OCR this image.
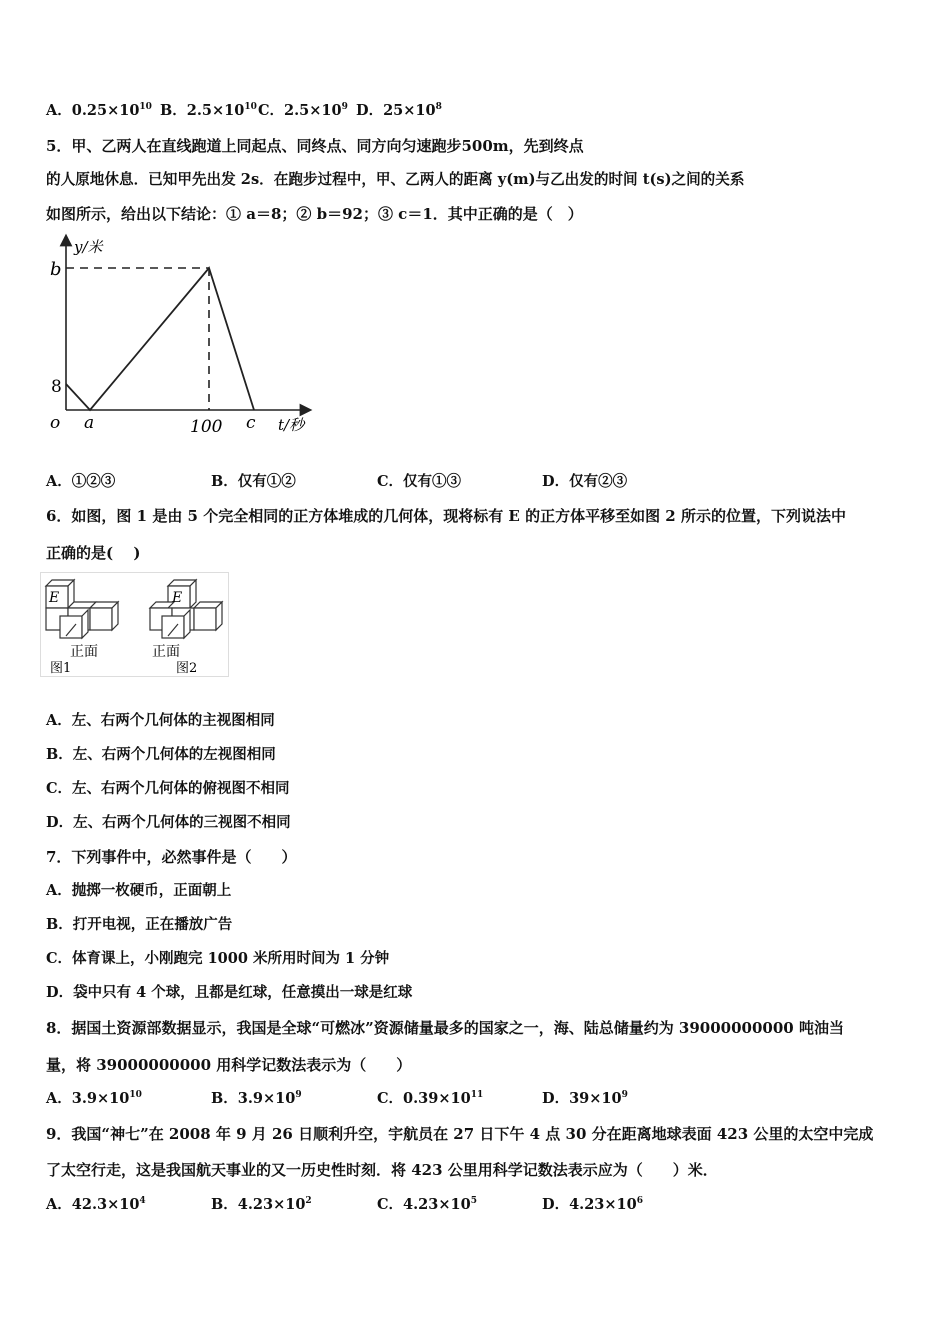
A．$0.25\times 10^{10}$ B．$2.5\times 10^{10}$ C．$2.5\times 10^9$ D．$25\times 10^8$
5．甲、乙两人在直线跑道上同起点、同终点、同方向匀速跑步500m，先到终点
的人原地休息．已知甲先出发 2s．在跑步过程中，甲、乙两人的距离 y(m)与乙出发的时间 t(s)之间的关系
如图所示，给出以下结论：① a＝8；② b＝92；③ c＝1．其中正确的是（　）
y/米
b
8
o a	100 c t/秒
A．①②③	B．仅有①②	C．仅有①③	D．仅有②③
6．如图，图 1 是由 5 个完全相同的正方体堆成的几何体，现将标有 E 的正方体平移至如图 2 所示的位置，下列说法中
正确的是(　 )
E
正面
图1
E
正面
图2
A．左、右两个几何体的主视图相同
B．左、右两个几何体的左视图相同
C．左、右两个几何体的俯视图不相同
D．左、右两个几何体的三视图不相同
7．下列事件中，必然事件是（　　）
A．抛掷一枚硬币，正面朝上
B．打开电视，正在播放广告
C．体育课上，小刚跑完 1000 米所用时间为 1 分钟
D．袋中只有 4 个球，且都是红球，任意摸出一球是红球
8．据国土资源部数据显示，我国是全球“可燃冰”资源储量最多的国家之一，海、陆总储量约为 39000000000 吨油当
量，将 39000000000 用科学记数法表示为（　　）
A．$3.9\times 10^{10}$	B．$3.9\times 10^9$	C．$0.39\times 10^{11}$	D．$39\times 10^9$
9．我国“神七”在 2008 年 9 月 26 日顺利升空，宇航员在 27 日下午 4 点 30 分在距离地球表面 423 公里的太空中完成
了太空行走，这是我国航天事业的又一历史性时刻．将 423 公里用科学记数法表示应为（　　）米．
A．$42.3\times 10^4$	B．$4.23\times 10^2$	C．$4.23\times 10^5$	D．$4.23\times 10^6$
